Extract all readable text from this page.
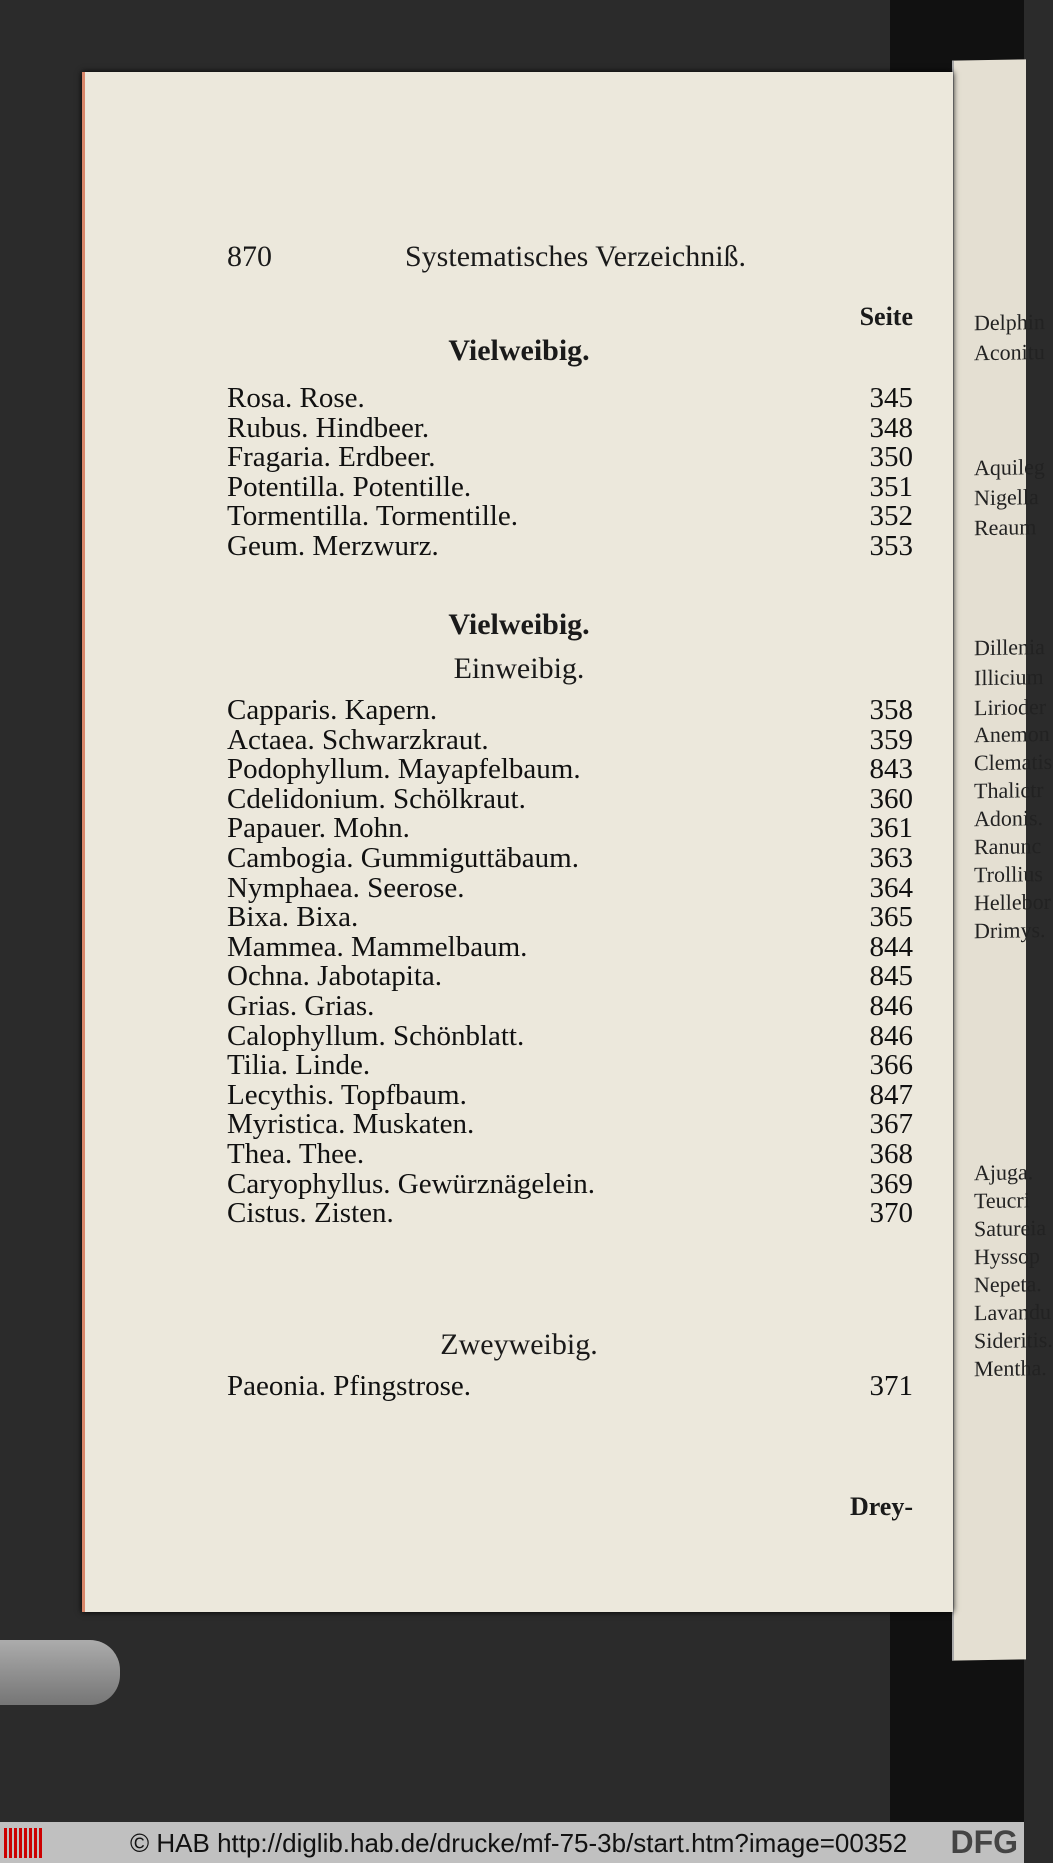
Delphin
Aconitu
Aquileg
Nigella
Reaum
Dillenia
Illicium
Lirioder
Anemon
Clematis
Thalictr
Adonis.
Ranunc
Trollius
Hellebor
Drimys.
Ajuga.
Teucri
Satureia
Hyssop
Nepeta.
Lavandu
Sideritis.
Mentha.
870	Systematisches Verzeichniß.
Seite
Vielweibig.
Vielweibig.
Einweibig.
Zweyweibig.
Drey-
Rosa. Rose.	345
Rubus. Hindbeer.	348
Fragaria. Erdbeer.	350
Potentilla. Potentille.	351
Tormentilla. Tormentille.	352
Geum. Merzwurz.	353
Capparis. Kapern.	358
Actaea. Schwarzkraut.	359
Podophyllum. Mayapfelbaum.	843
Cdelidonium. Schölkraut.	360
Papauer. Mohn.	361
Cambogia. Gummiguttäbaum.	363
Nymphaea. Seerose.	364
Bixa. Bixa.	365
Mammea. Mammelbaum.	844
Ochna. Jabotapita.	845
Grias. Grias.	846
Calophyllum. Schönblatt.	846
Tilia. Linde.	366
Lecythis. Topfbaum.	847
Myristica. Muskaten.	367
Thea. Thee.	368
Caryophyllus. Gewürznägelein.	369
Cistus. Zisten.	370
Paeonia. Pfingstrose.	371
© HAB http://diglib.hab.de/drucke/mf-75-3b/start.htm?image=00352 DFG
